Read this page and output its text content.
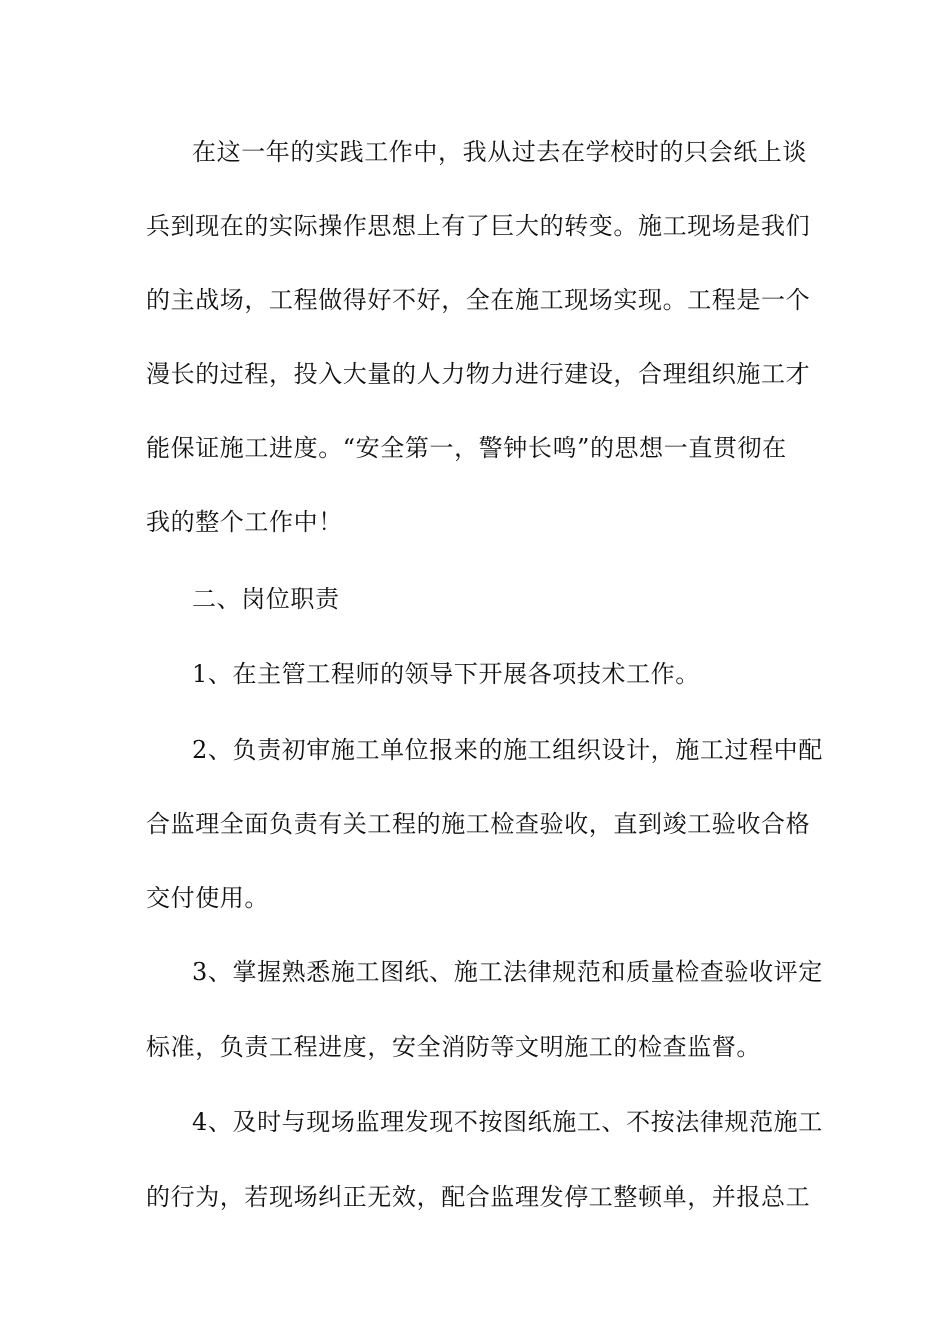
在这一年的实践工作中，我从过去在学校时的只会纸上谈
兵到现在的实际操作思想上有了巨大的转变。施工现场是我们
的主战场，工程做得好不好，全在施工现场实现。工程是一个
漫长的过程，投入大量的人力物力进行建设，合理组织施工才
能保证施工进度。“安全第一，警钟长鸣”的思想一直贯彻在
我的整个工作中！
二、岗位职责
1、在主管工程师的领导下开展各项技术工作。
2、负责初审施工单位报来的施工组织设计，施工过程中配
合监理全面负责有关工程的施工检查验收，直到竣工验收合格
交付使用。
3、掌握熟悉施工图纸、施工法律规范和质量检查验收评定
标准，负责工程进度，安全消防等文明施工的检查监督。
4、及时与现场监理发现不按图纸施工、不按法律规范施工
的行为，若现场纠正无效，配合监理发停工整顿单，并报总工
